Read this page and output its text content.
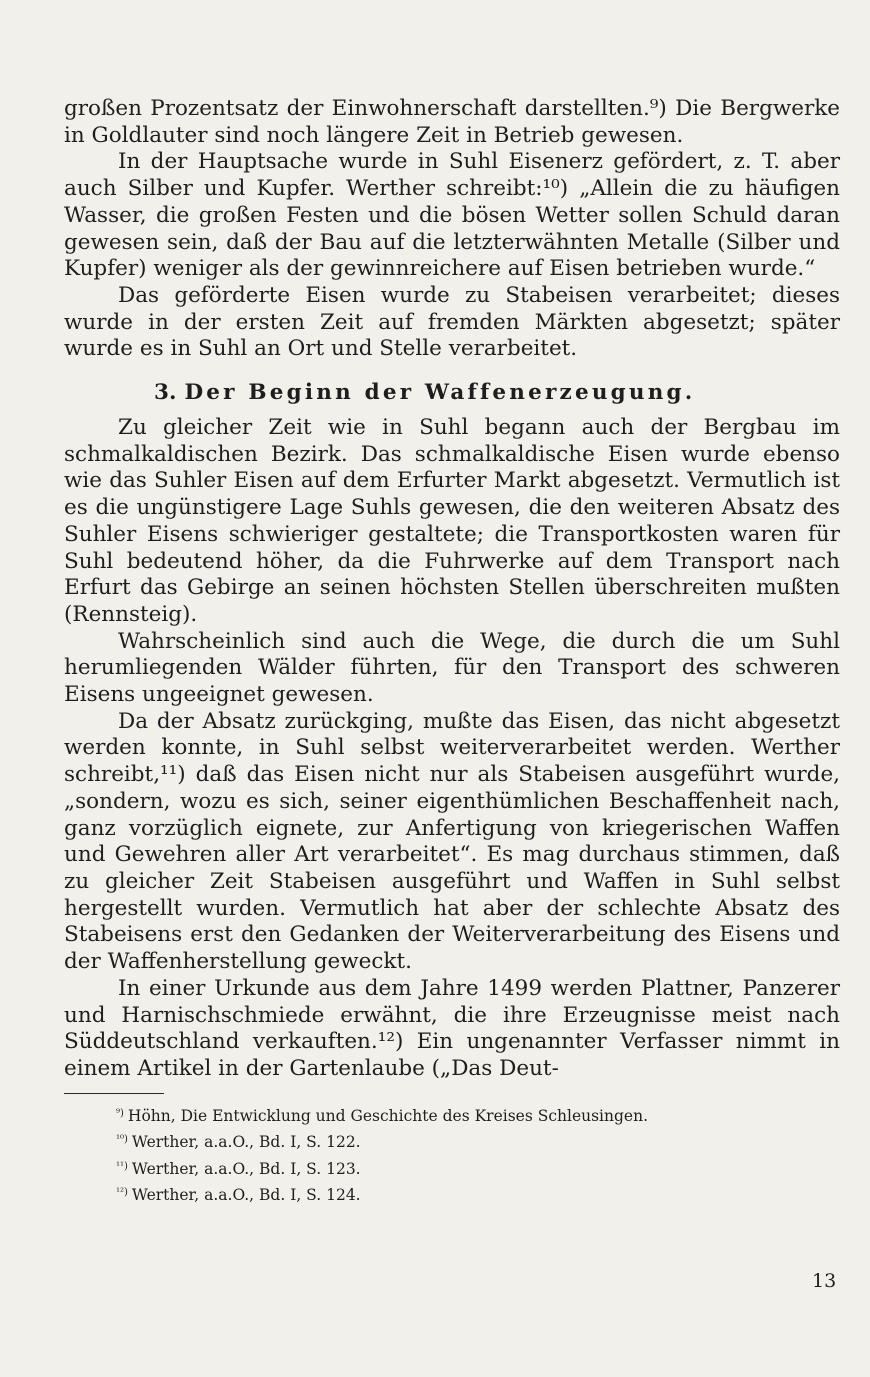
großen Prozentsatz der Einwohnerschaft darstellten.⁹) Die Bergwerke in Goldlauter sind noch längere Zeit in Betrieb gewesen.

In der Hauptsache wurde in Suhl Eisenerz gefördert, z. T. aber auch Silber und Kupfer. Werther schreibt:¹⁰) „Allein die zu häufigen Wasser, die großen Festen und die bösen Wetter sollen Schuld daran gewesen sein, daß der Bau auf die letzterwähnten Metalle (Silber und Kupfer) weniger als der gewinnreichere auf Eisen betrieben wurde.“

Das geförderte Eisen wurde zu Stabeisen verarbeitet; dieses wurde in der ersten Zeit auf fremden Märkten abgesetzt; später wurde es in Suhl an Ort und Stelle verarbeitet.

3. Der Beginn der Waffenerzeugung.

Zu gleicher Zeit wie in Suhl begann auch der Bergbau im schmalkaldischen Bezirk. Das schmalkaldische Eisen wurde ebenso wie das Suhler Eisen auf dem Erfurter Markt abgesetzt. Vermutlich ist es die ungünstigere Lage Suhls gewesen, die den weiteren Absatz des Suhler Eisens schwieriger gestaltete; die Transportkosten waren für Suhl bedeutend höher, da die Fuhrwerke auf dem Transport nach Erfurt das Gebirge an seinen höchsten Stellen überschreiten mußten (Rennsteig).

Wahrscheinlich sind auch die Wege, die durch die um Suhl herumliegenden Wälder führten, für den Transport des schweren Eisens ungeeignet gewesen.

Da der Absatz zurückging, mußte das Eisen, das nicht abgesetzt werden konnte, in Suhl selbst weiterverarbeitet werden. Werther schreibt,¹¹) daß das Eisen nicht nur als Stabeisen ausgeführt wurde, „sondern, wozu es sich, seiner eigenthümlichen Beschaffenheit nach, ganz vorzüglich eignete, zur Anfertigung von kriegerischen Waffen und Gewehren aller Art verarbeitet“. Es mag durchaus stimmen, daß zu gleicher Zeit Stabeisen ausgeführt und Waffen in Suhl selbst hergestellt wurden. Vermutlich hat aber der schlechte Absatz des Stabeisens erst den Gedanken der Weiterverarbeitung des Eisens und der Waffenherstellung geweckt.

In einer Urkunde aus dem Jahre 1499 werden Plattner, Panzerer und Harnischschmiede erwähnt, die ihre Erzeugnisse meist nach Süddeutschland verkauften.¹²) Ein ungenannter Verfasser nimmt in einem Artikel in der Gartenlaube („Das Deut-

$^{^9)}$ Höhn, Die Entwicklung und Geschichte des Kreises Schleusingen.

$^{^{10})}$ Werther, a.a.O., Bd. I, S. 122.

$^{^{11})}$ Werther, a.a.O., Bd. I, S. 123.

$^{^{12})}$ Werther, a.a.O., Bd. I, S. 124.

13
